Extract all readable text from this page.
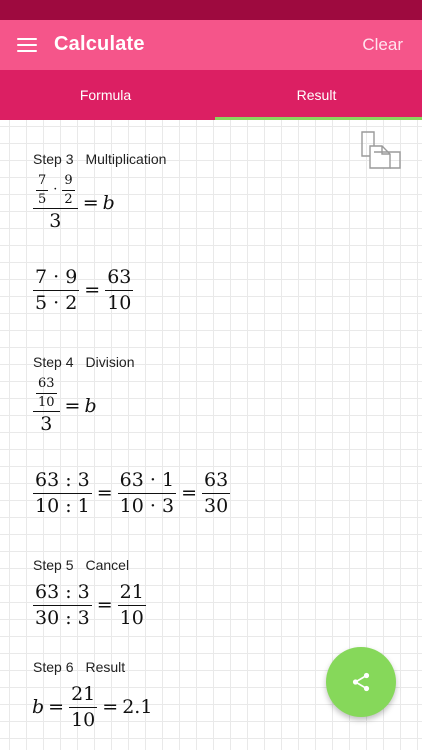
Calculate	Clear
Formula	Result
Step 3 Multiplication
$\frac{\frac{7}{5} \cdot \frac{9}{2}}{3} = b$
$\frac{7 \cdot 9}{5 \cdot 2} = \frac{63}{10}$
Step 4 Division
$\frac{\frac{63}{10}}{3} = b$
$\frac{63 : 3}{10 : 1} = \frac{63 \cdot 1}{10 \cdot 3} = \frac{63}{30}$
Step 5 Cancel
$\frac{63 : 3}{30 : 3} = \frac{21}{10}$
Step 6 Result
$b = \frac{21}{10} = 2.1$
